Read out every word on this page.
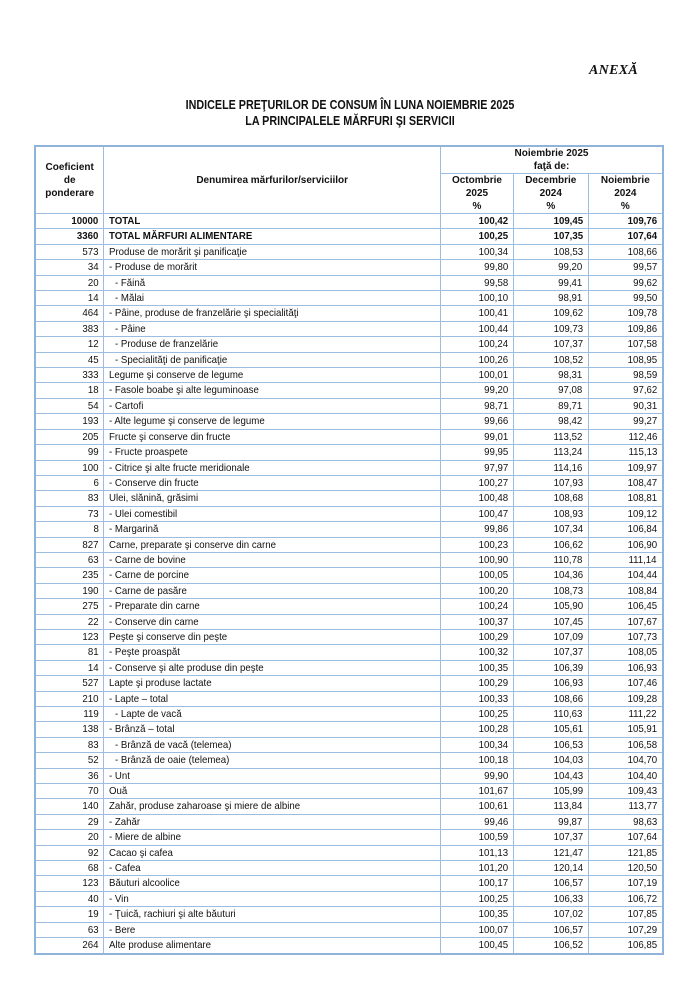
ANEXĂ
INDICELE PREŢURILOR DE CONSUM ÎN LUNA NOIEMBRIE 2025
LA PRINCIPALELE MĂRFURI ŞI SERVICII
Coeficient
de
ponderare
	Denumirea mărfurilor/serviciilor	
Noiembrie 2025
faţă de:

Octombrie
2025
%

Decembrie
2024
%

Noiembrie
2024
%

10000	TOTAL	100,42	109,45	109,76
3360	TOTAL MĂRFURI ALIMENTARE	100,25	107,35	107,64
573	Produse de morărit şi panificaţie	100,34	108,53	108,66
34	- Produse de morărit	99,80	99,20	99,57
20	- Făină	99,58	99,41	99,62
14	- Mălai	100,10	98,91	99,50
464	- Pâine, produse de franzelărie şi specialităţi	100,41	109,62	109,78
383	- Pâine	100,44	109,73	109,86
12	- Produse de franzelărie	100,24	107,37	107,58
45	- Specialităţi de panificaţie	100,26	108,52	108,95
333	Legume şi conserve de legume	100,01	98,31	98,59
18	- Fasole boabe şi alte leguminoase	99,20	97,08	97,62
54	- Cartofi	98,71	89,71	90,31
193	- Alte legume şi conserve de legume	99,66	98,42	99,27
205	Fructe şi conserve din fructe	99,01	113,52	112,46
99	- Fructe proaspete	99,95	113,24	115,13
100	- Citrice şi alte fructe meridionale	97,97	114,16	109,97
6	- Conserve din fructe	100,27	107,93	108,47
83	Ulei, slănină, grăsimi	100,48	108,68	108,81
73	- Ulei comestibil	100,47	108,93	109,12
8	- Margarină	99,86	107,34	106,84
827	Carne, preparate şi conserve din carne	100,23	106,62	106,90
63	- Carne de bovine	100,90	110,78	111,14
235	- Carne de porcine	100,05	104,36	104,44
190	- Carne de pasăre	100,20	108,73	108,84
275	- Preparate din carne	100,24	105,90	106,45
22	- Conserve din carne	100,37	107,45	107,67
123	Peşte şi conserve din peşte	100,29	107,09	107,73
81	- Peşte proaspăt	100,32	107,37	108,05
14	- Conserve şi alte produse din peşte	100,35	106,39	106,93
527	Lapte şi produse lactate	100,29	106,93	107,46
210	- Lapte – total	100,33	108,66	109,28
119	- Lapte de vacă	100,25	110,63	111,22
138	- Brânză – total	100,28	105,61	105,91
83	- Brânză de vacă (telemea)	100,34	106,53	106,58
52	- Brânză de oaie (telemea)	100,18	104,03	104,70
36	- Unt	99,90	104,43	104,40
70	Ouă	101,67	105,99	109,43
140	Zahăr, produse zaharoase şi miere de albine	100,61	113,84	113,77
29	- Zahăr	99,46	99,87	98,63
20	- Miere de albine	100,59	107,37	107,64
92	Cacao şi cafea	101,13	121,47	121,85
68	- Cafea	101,20	120,14	120,50
123	Băuturi alcoolice	100,17	106,57	107,19
40	- Vin	100,25	106,33	106,72
19	- Ţuică, rachiuri şi alte băuturi	100,35	107,02	107,85
63	- Bere	100,07	106,57	107,29
264	Alte produse alimentare	100,45	106,52	106,85
